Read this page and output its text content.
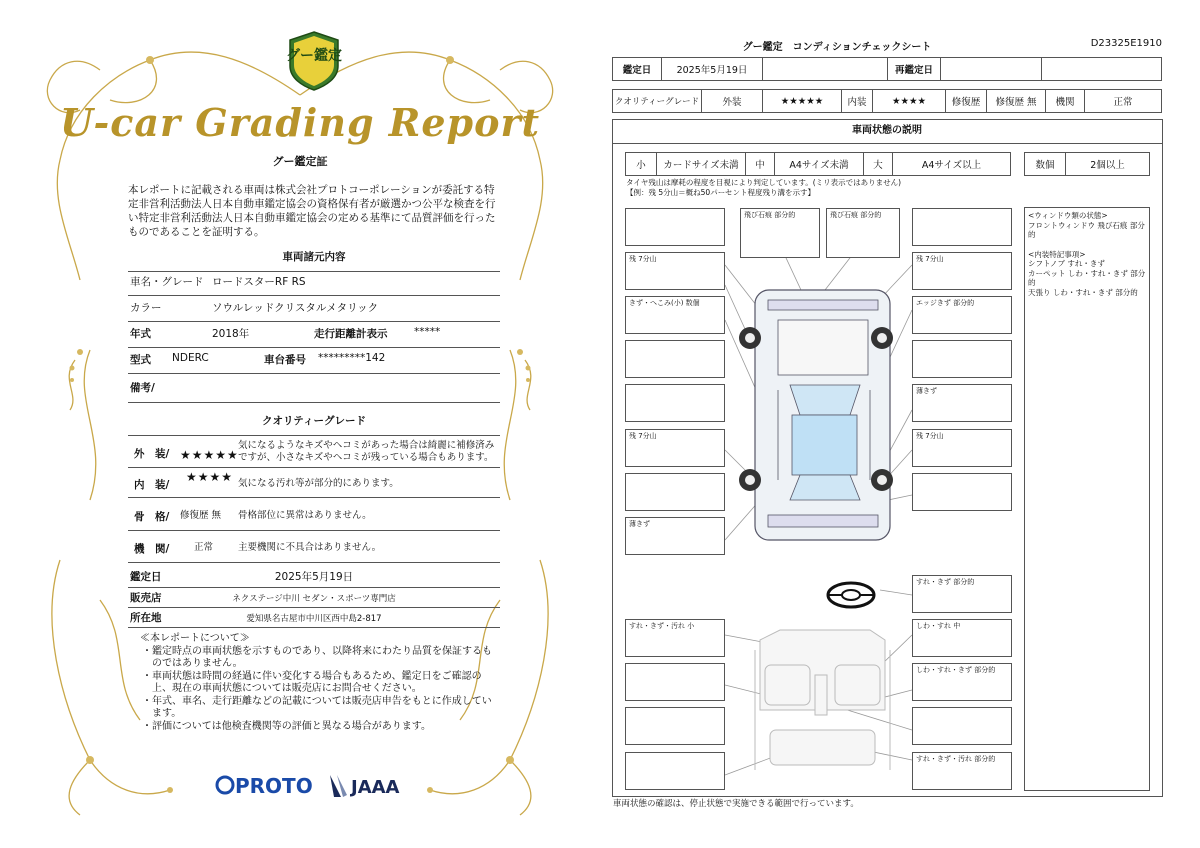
グー鑑定
U-car Grading Report
グー鑑定証
本レポートに記載される車両は株式会社プロトコーポレーションが委託する特定非営利活動法人日本自動車鑑定協会の資格保有者が厳選かつ公平な検査を行い特定非営利活動法人日本自動車鑑定協会の定める基準にて品質評価を行ったものであることを証明する。
車両諸元内容
車名・グレード ロードスターRF RS
カラー	ソウルレッドクリスタルメタリック
年式	2018年	走行距離計表示	*****
型式 NDERC	車台番号 *********142
備考/
クオリティーグレード
外　装/ ★★★★★
気になるようなキズやヘコミがあった場合は綺麗に補修済みですが、小さなキズやヘコミが残っている場合もあります。
内　装/
★★★★ 気になる汚れ等が部分的にあります。
骨　格/ 修復歴 無 骨格部位に異常はありません。
機　関/	正常	主要機関に不具合はありません。
鑑定日	2025年5月19日
販売店	ネクステージ中川 セダン・スポーツ専門店
所在地	愛知県名古屋市中川区西中島2-817
≪本レポートについて≫
・鑑定時点の車両状態を示すものであり、以降将来にわたり品質を保証するものではありません。
・車両状態は時間の経過に伴い変化する場合もあるため、鑑定日をご確認の上、現在の車両状態については販売店にお問合せください。
・年式、車名、走行距離などの記載については販売店申告をもとに作成しています。
・評価については他検査機関等の評価と異なる場合があります。
PROTO JAAA
グー鑑定　コンディションチェックシート	D23325E1910
鑑定日	2025年5月19日		再鑑定日		
クオリティーグレード	外装	★★★★★	内装	★★★★	修復歴	修復歴 無	機関	正常
車両状態の説明
小	カードサイズ未満	中	A4サイズ未満	大	A4サイズ以上	数個	2個以上
タイヤ残山は摩耗の程度を目視により判定しています。(ミリ表示ではありません)
【例：残 5分山＝概ね50パーセント程度残り溝を示す】
飛び石痕 部分的	飛び石痕 部分的
残 7分山
きず・へこみ(小) 数個
残 7分山
薄きず
残 7分山
エッジきず 部分的
薄きず
残 7分山
すれ・きず 部分的
すれ・きず・汚れ 小	しわ・すれ 中
しわ・すれ・きず 部分的
すれ・きず・汚れ 部分的
<ウィンドウ類の状態>
フロントウィンドウ 飛び石痕 部分的
<内装特記事項>
シフトノブ すれ・きず
カーペット しわ・すれ・きず 部分的
天張り しわ・すれ・きず 部分的
車両状態の確認は、停止状態で実施できる範囲で行っています。
